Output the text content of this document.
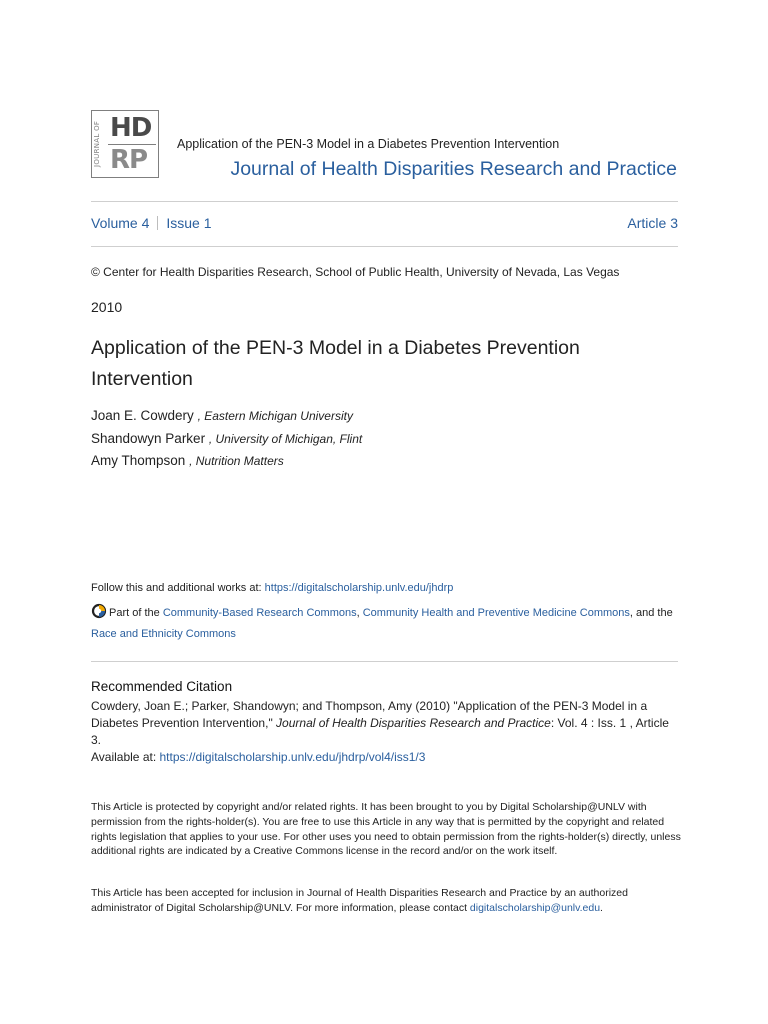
JOURNAL OF HD
RP
Application of the PEN-3 Model in a Diabetes Prevention Intervention
Journal of Health Disparities Research and Practice
Volume 4 Issue 1	Article 3
© Center for Health Disparities Research, School of Public Health, University of Nevada, Las Vegas
2010
Application of the PEN-3 Model in a Diabetes Prevention Intervention
Joan E. Cowdery , Eastern Michigan University
Shandowyn Parker , University of Michigan, Flint
Amy Thompson , Nutrition Matters
Follow this and additional works at: https://digitalscholarship.unlv.edu/jhdrp
Part of the Community-Based Research Commons, Community Health and Preventive Medicine Commons, and the Race and Ethnicity Commons
Recommended Citation
Cowdery, Joan E.; Parker, Shandowyn; and Thompson, Amy (2010) "Application of the PEN-3 Model in a Diabetes Prevention Intervention," Journal of Health Disparities Research and Practice: Vol. 4 : Iss. 1 , Article 3.
Available at: https://digitalscholarship.unlv.edu/jhdrp/vol4/iss1/3
This Article is protected by copyright and/or related rights. It has been brought to you by Digital Scholarship@UNLV with permission from the rights-holder(s). You are free to use this Article in any way that is permitted by the copyright and related rights legislation that applies to your use. For other uses you need to obtain permission from the rights-holder(s) directly, unless additional rights are indicated by a Creative Commons license in the record and/or on the work itself.
This Article has been accepted for inclusion in Journal of Health Disparities Research and Practice by an authorized administrator of Digital Scholarship@UNLV. For more information, please contact digitalscholarship@unlv.edu.
